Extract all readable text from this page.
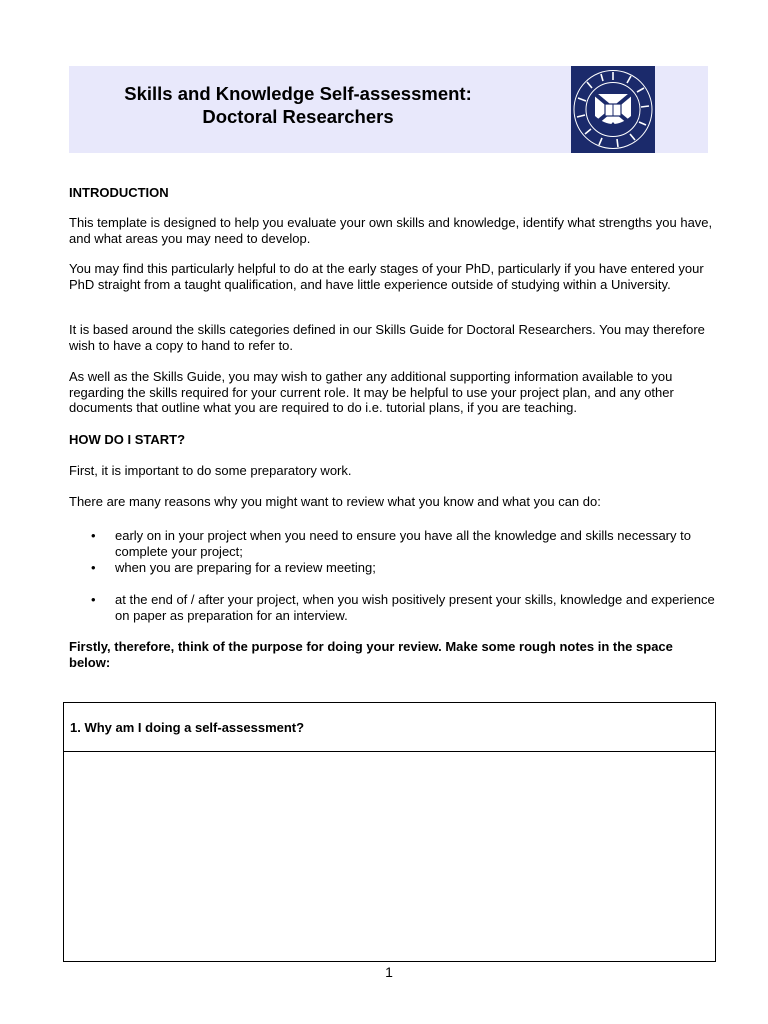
Skills and Knowledge Self-assessment:
Doctoral Researchers

INTRODUCTION

This template is designed to help you evaluate your own skills and knowledge, identify what strengths you have, and what areas you may need to develop.

You may find this particularly helpful to do at the early stages of your PhD, particularly if you have entered your PhD straight from a taught qualification, and have little experience outside of studying within a University.

It is based around the skills categories defined in our Skills Guide for Doctoral Researchers. You may therefore wish to have a copy to hand to refer to.

As well as the Skills Guide, you may wish to gather any additional supporting information available to you regarding the skills required for your current role. It may be helpful to use your project plan, and any other documents that outline what you are required to do i.e. tutorial plans, if you are teaching.

HOW DO I START?

First, it is important to do some preparatory work.

There are many reasons why you might want to review what you know and what you can do:

•	early on in your project when you need to ensure you have all the knowledge and skills necessary to complete your project;
•	when you are preparing for a review meeting;
•	at the end of / after your project, when you wish positively present your skills, knowledge and experience on paper as preparation for an interview.

Firstly, therefore, think of the purpose for doing your review. Make some rough notes in the space below:

1. Why am I doing a self-assessment?
1
